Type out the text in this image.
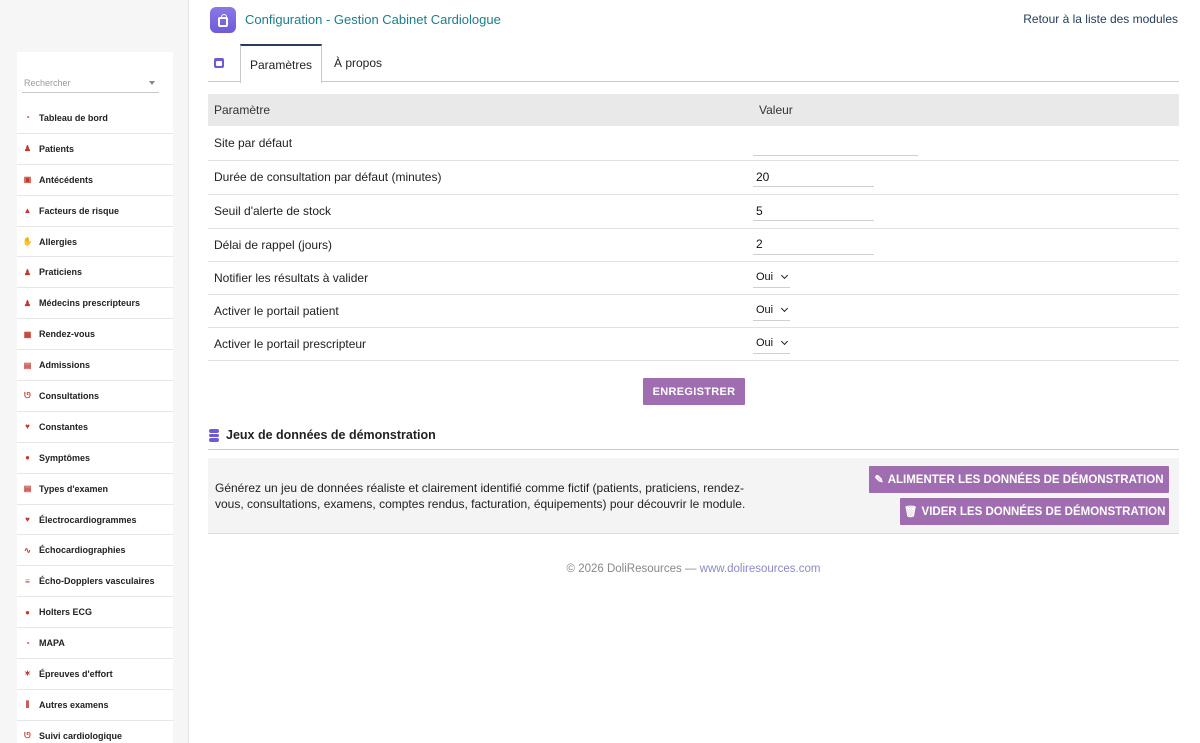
Rechercher
◔ Tableau de bord
♟ Patients
▣ Antécédents
▲ Facteurs de risque
✋ Allergies
♟ Praticiens
♟ Médecins prescripteurs
▦ Rendez-vous
▤ Admissions
ᘎ Consultations
♥ Constantes
● Symptômes
▤ Types d'examen
♥ Électrocardiogrammes
∿ Échocardiographies
≡ Écho-Dopplers vasculaires
● Holters ECG
◔ MAPA
✶ Épreuves d'effort
⫼ Autres examens
ᘎ Suivi cardiologique
Configuration - Gestion Cabinet Cardiologue	Retour à la liste des modules
Paramètres	À propos
Paramètre	Valeur
Site par défaut	
Durée de consultation par défaut (minutes)	20
Seuil d'alerte de stock	5
Délai de rappel (jours)	2
Notifier les résultats à valider	Oui

Activer le portail patient	Oui

Activer le portail prescripteur	Oui
ENREGISTRER
Jeux de données de démonstration
Générez un jeu de données réaliste et clairement identifié comme fictif (patients, praticiens, rendez-vous, consultations, examens, comptes rendus, facturation, équipements) pour découvrir le module.
✎ ALIMENTER LES DONNÉES DE DÉMONSTRATION
🗑 VIDER LES DONNÉES DE DÉMONSTRATION
© 2026 DoliResources — www.doliresources.com
